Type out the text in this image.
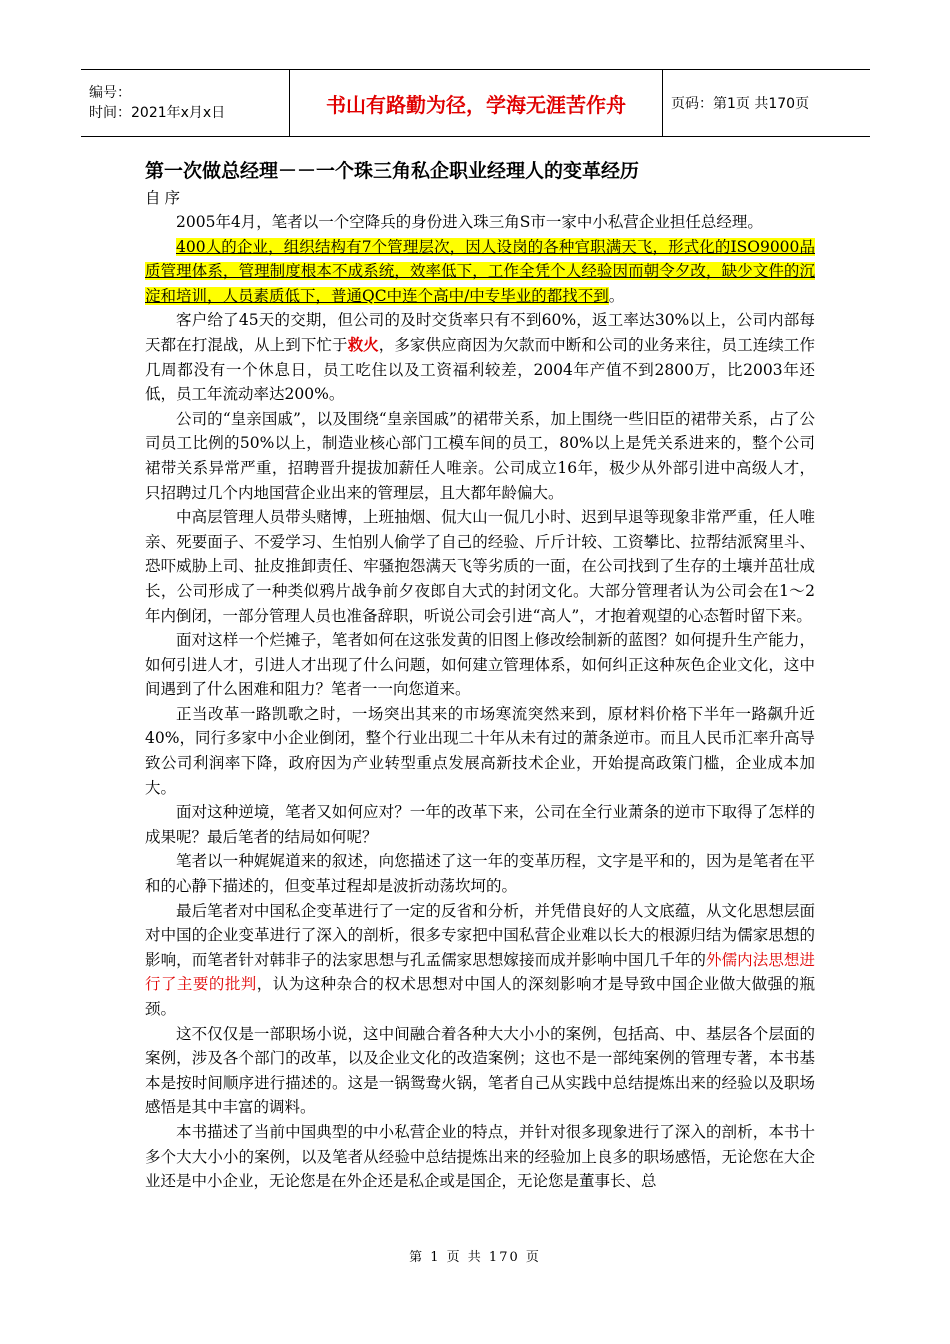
编号：
时间：2021年x月x日	书山有路勤为径，学海无涯苦作舟	页码：第1页 共170页
第一次做总经理－－一个珠三角私企职业经理人的变革经历
自序

2005年4月，笔者以一个空降兵的身份进入珠三角S市一家中小私营企业担任总经理。

400人的企业，组织结构有7个管理层次，因人设岗的各种官职满天飞，形式化的ISO9000品质管理体系，管理制度根本不成系统，效率低下，工作全凭个人经验因而朝令夕改，缺少文件的沉淀和培训，人员素质低下，普通QC中连个高中/中专毕业的都找不到。

客户给了45天的交期，但公司的及时交货率只有不到60%，返工率达30%以上，公司内部每天都在打混战，从上到下忙于救火，多家供应商因为欠款而中断和公司的业务来往，员工连续工作几周都没有一个休息日，员工吃住以及工资福利较差，2004年产值不到2800万，比2003年还低，员工年流动率达200%。

公司的“皇亲国戚”，以及围绕“皇亲国戚”的裙带关系，加上围绕一些旧臣的裙带关系，占了公司员工比例的50%以上，制造业核心部门工模车间的员工，80%以上是凭关系进来的，整个公司裙带关系异常严重，招聘晋升提拔加薪任人唯亲。公司成立16年，极少从外部引进中高级人才，只招聘过几个内地国营企业出来的管理层，且大都年龄偏大。

中高层管理人员带头赌博，上班抽烟、侃大山一侃几小时、迟到早退等现象非常严重，任人唯亲、死要面子、不爱学习、生怕别人偷学了自己的经验、斤斤计较、工资攀比、拉帮结派窝里斗、恐吓威胁上司、扯皮推卸责任、牢骚抱怨满天飞等劣质的一面，在公司找到了生存的土壤并茁壮成长，公司形成了一种类似鸦片战争前夕夜郎自大式的封闭文化。大部分管理者认为公司会在1～2年内倒闭，一部分管理人员也准备辞职，听说公司会引进“高人”，才抱着观望的心态暂时留下来。

面对这样一个烂摊子，笔者如何在这张发黄的旧图上修改绘制新的蓝图？如何提升生产能力，如何引进人才，引进人才出现了什么问题，如何建立管理体系，如何纠正这种灰色企业文化，这中间遇到了什么困难和阻力？笔者一一向您道来。

正当改革一路凯歌之时，一场突出其来的市场寒流突然来到，原材料价格下半年一路飙升近40%，同行多家中小企业倒闭，整个行业出现二十年从未有过的萧条逆市。而且人民币汇率升高导致公司利润率下降，政府因为产业转型重点发展高新技术企业，开始提高政策门槛，企业成本加大。

面对这种逆境，笔者又如何应对？一年的改革下来，公司在全行业萧条的逆市下取得了怎样的成果呢？最后笔者的结局如何呢？

笔者以一种娓娓道来的叙述，向您描述了这一年的变革历程，文字是平和的，因为是笔者在平和的心静下描述的，但变革过程却是波折动荡坎坷的。

最后笔者对中国私企变革进行了一定的反省和分析，并凭借良好的人文底蕴，从文化思想层面对中国的企业变革进行了深入的剖析，很多专家把中国私营企业难以长大的根源归结为儒家思想的影响，而笔者针对韩非子的法家思想与孔孟儒家思想嫁接而成并影响中国几千年的外儒内法思想进行了主要的批判，认为这种杂合的权术思想对中国人的深刻影响才是导致中国企业做大做强的瓶颈。

这不仅仅是一部职场小说，这中间融合着各种大大小小的案例，包括高、中、基层各个层面的案例，涉及各个部门的改革，以及企业文化的改造案例；这也不是一部纯案例的管理专著，本书基本是按时间顺序进行描述的。这是一锅鸳鸯火锅，笔者自己从实践中总结提炼出来的经验以及职场感悟是其中丰富的调料。

本书描述了当前中国典型的中小私营企业的特点，并针对很多现象进行了深入的剖析，本书十多个大大小小的案例，以及笔者从经验中总结提炼出来的经验加上良多的职场感悟，无论您在大企业还是中小企业，无论您是在外企还是私企或是国企，无论您是董事长、总

第 1 页 共 170 页
